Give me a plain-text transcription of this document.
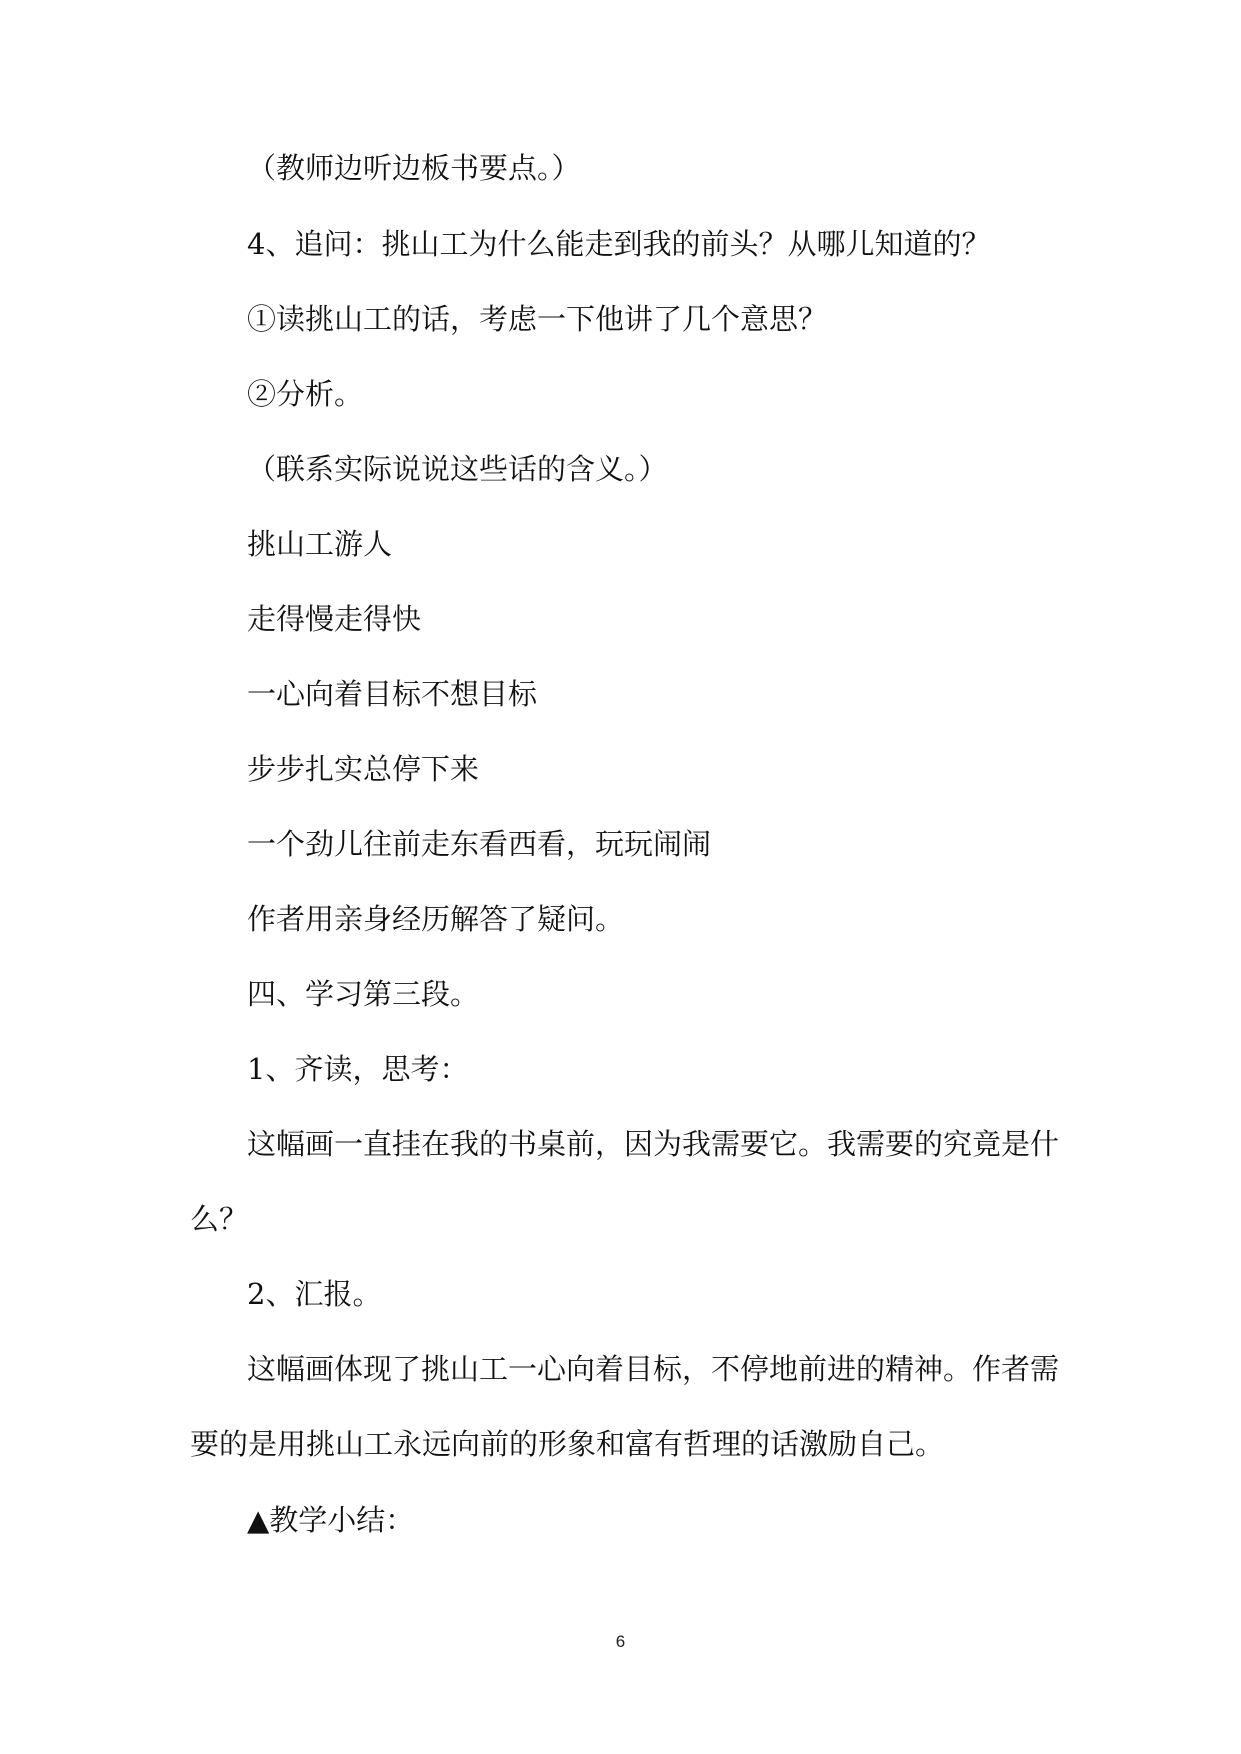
（教师边听边板书要点。）
4、追问：挑山工为什么能走到我的前头？从哪儿知道的？
①读挑山工的话，考虑一下他讲了几个意思？
②分析。
（联系实际说说这些话的含义。）
挑山工游人
走得慢走得快
一心向着目标不想目标
步步扎实总停下来
一个劲儿往前走东看西看，玩玩闹闹
作者用亲身经历解答了疑问。
四、学习第三段。
1、齐读，思考：
这幅画一直挂在我的书桌前，因为我需要它。我需要的究竟是什
么？
2、汇报。
这幅画体现了挑山工一心向着目标，不停地前进的精神。作者需
要的是用挑山工永远向前的形象和富有哲理的话激励自己。
▲教学小结：
6
